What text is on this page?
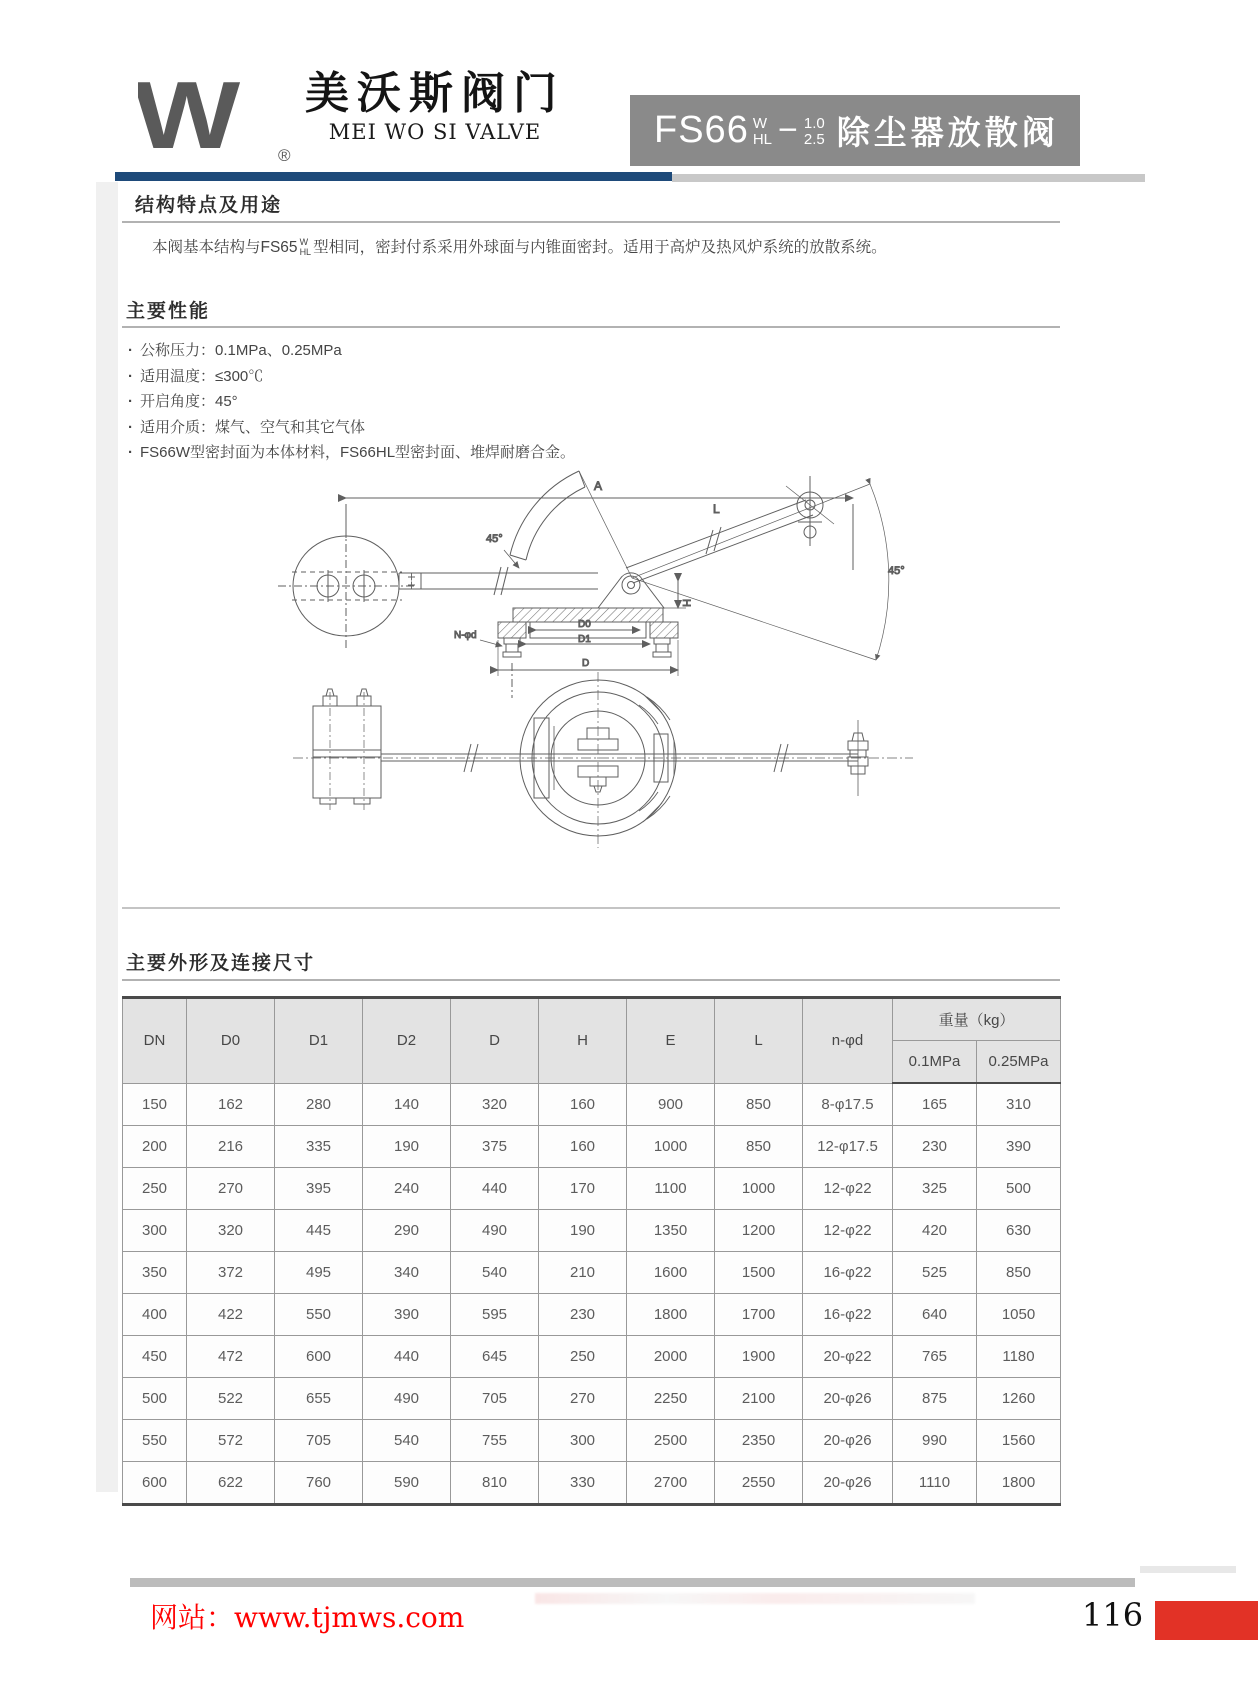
W ®
美沃斯阀门
MEI WO SI VALVE	FS66 W
HL − 1.0
2.5 除尘器放散阀
结构特点及用途
本阀基本结构与FS65 W
HL 型相同，密封付系采用外球面与内锥面密封。适用于高炉及热风炉系统的放散系统。
主要性能
· 公称压力：0.1MPa、0.25MPa
· 适用温度：≤300℃
· 开启角度：45°
· 适用介质：煤气、空气和其它气体
· FS66W型密封面为本体材料，FS66HL型密封面、堆焊耐磨合金。
A
45°
L
45°
H
D0
D1
D
N-φd
主要外形及连接尺寸
DN	D0	D1	D2	D	H	E	L	n-φd	重量（kg）	
									0.1MPa	0.25MPa
150	162	280	140	320	160	900	850	8-φ17.5	165	310
200	216	335	190	375	160	1000	850	12-φ17.5	230	390
250	270	395	240	440	170	1100	1000	12-φ22	325	500
300	320	445	290	490	190	1350	1200	12-φ22	420	630
350	372	495	340	540	210	1600	1500	16-φ22	525	850
400	422	550	390	595	230	1800	1700	16-φ22	640	1050
450	472	600	440	645	250	2000	1900	20-φ22	765	1180
500	522	655	490	705	270	2250	2100	20-φ26	875	1260
550	572	705	540	755	300	2500	2350	20-φ26	990	1560
600	622	760	590	810	330	2700	2550	20-φ26	1110	1800
网站：www.tjmws.com	116
